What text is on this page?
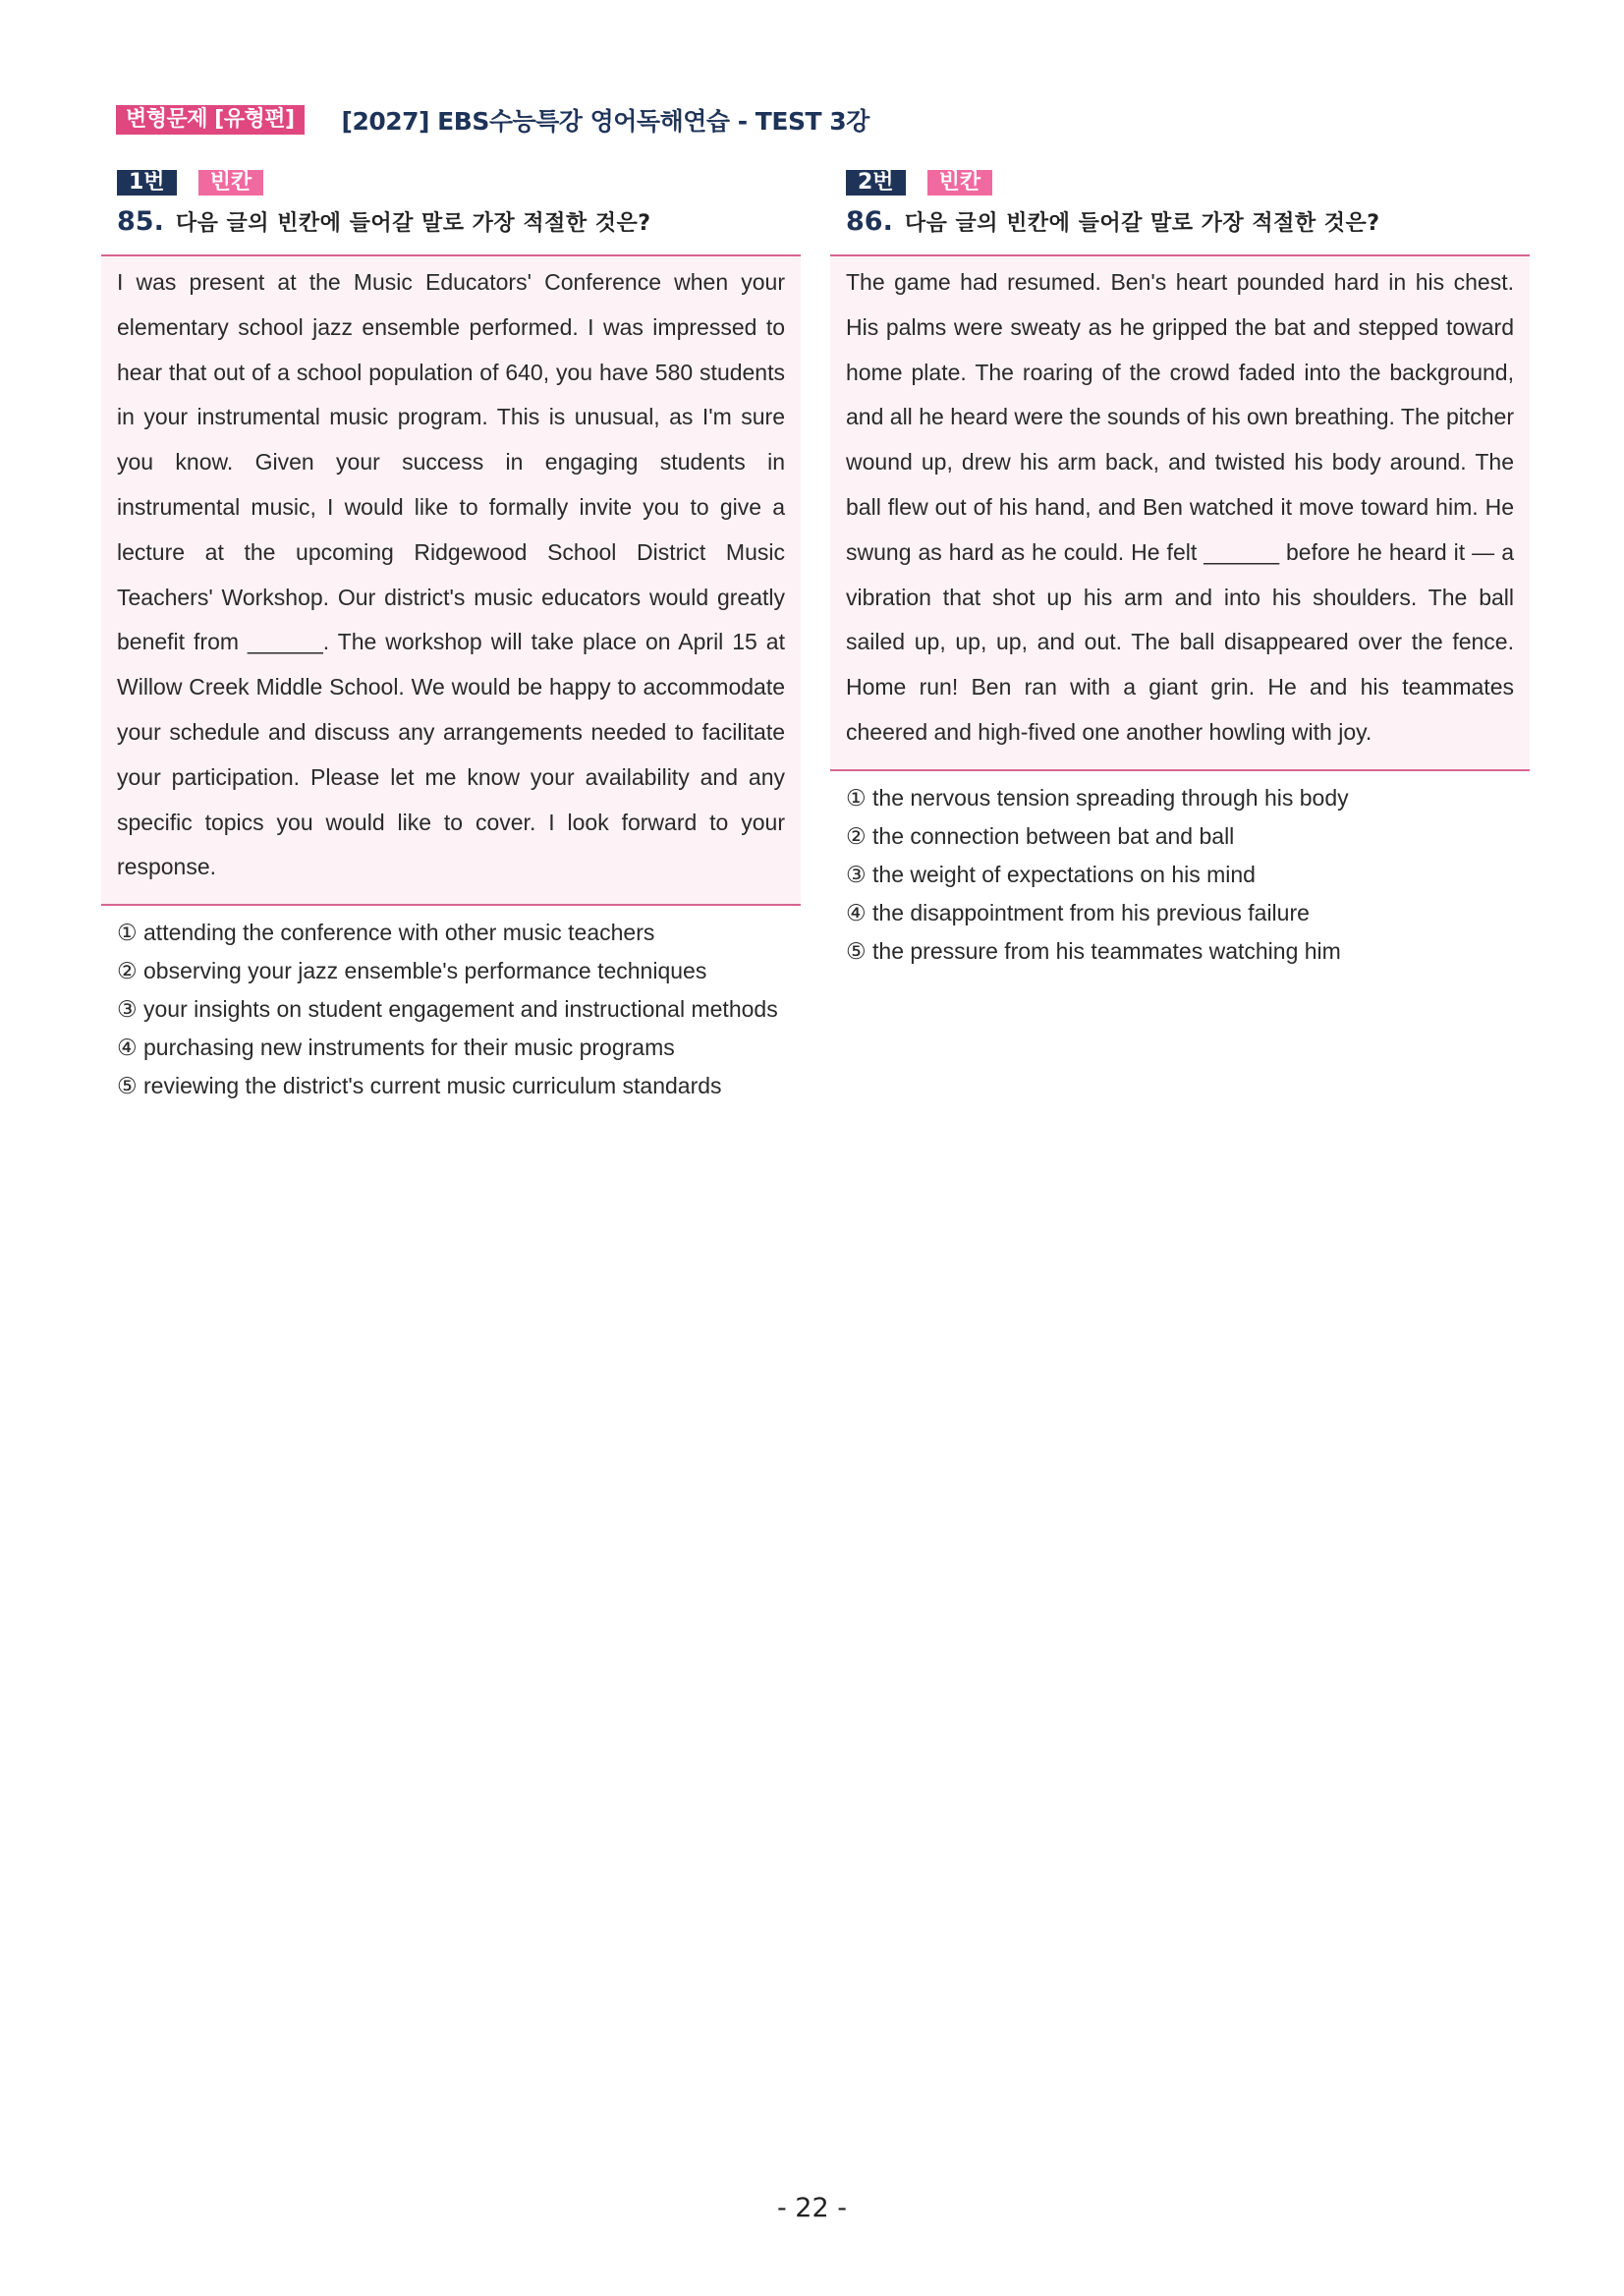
변형문제 [유형편]	[2027] EBS수능특강 영어독해연습 - TEST 3강
1번	빈칸
85. 다음 글의 빈칸에 들어갈 말로 가장 적절한 것은?
I was present at the Music Educators' Conference when your elementary school jazz ensemble performed. I was impressed to hear that out of a school population of 640, you have 580 students in your instrumental music program. This is unusual, as I'm sure you know. Given your success in engaging students in instrumental music, I would like to formally invite you to give a lecture at the upcoming Ridgewood School District Music Teachers' Workshop. Our district's music educators would greatly benefit from ______. The workshop will take place on April 15 at Willow Creek Middle School. We would be happy to accommodate your schedule and discuss any arrangements needed to facilitate your participation. Please let me know your availability and any specific topics you would like to cover. I look forward to your response.
① attending the conference with other music teachers
② observing your jazz ensemble's performance techniques
③ your insights on student engagement and instructional methods
④ purchasing new instruments for their music programs
⑤ reviewing the district's current music curriculum standards
2번	빈칸
86. 다음 글의 빈칸에 들어갈 말로 가장 적절한 것은?
The game had resumed. Ben's heart pounded hard in his chest. His palms were sweaty as he gripped the bat and stepped toward home plate. The roaring of the crowd faded into the background, and all he heard were the sounds of his own breathing. The pitcher wound up, drew his arm back, and twisted his body around. The ball flew out of his hand, and Ben watched it move toward him. He swung as hard as he could. He felt ______ before he heard it — a vibration that shot up his arm and into his shoulders. The ball sailed up, up, up, and out. The ball disappeared over the fence. Home run! Ben ran with a giant grin. He and his teammates cheered and high-fived one another howling with joy.
① the nervous tension spreading through his body
② the connection between bat and ball
③ the weight of expectations on his mind
④ the disappointment from his previous failure
⑤ the pressure from his teammates watching him
- 22 -
